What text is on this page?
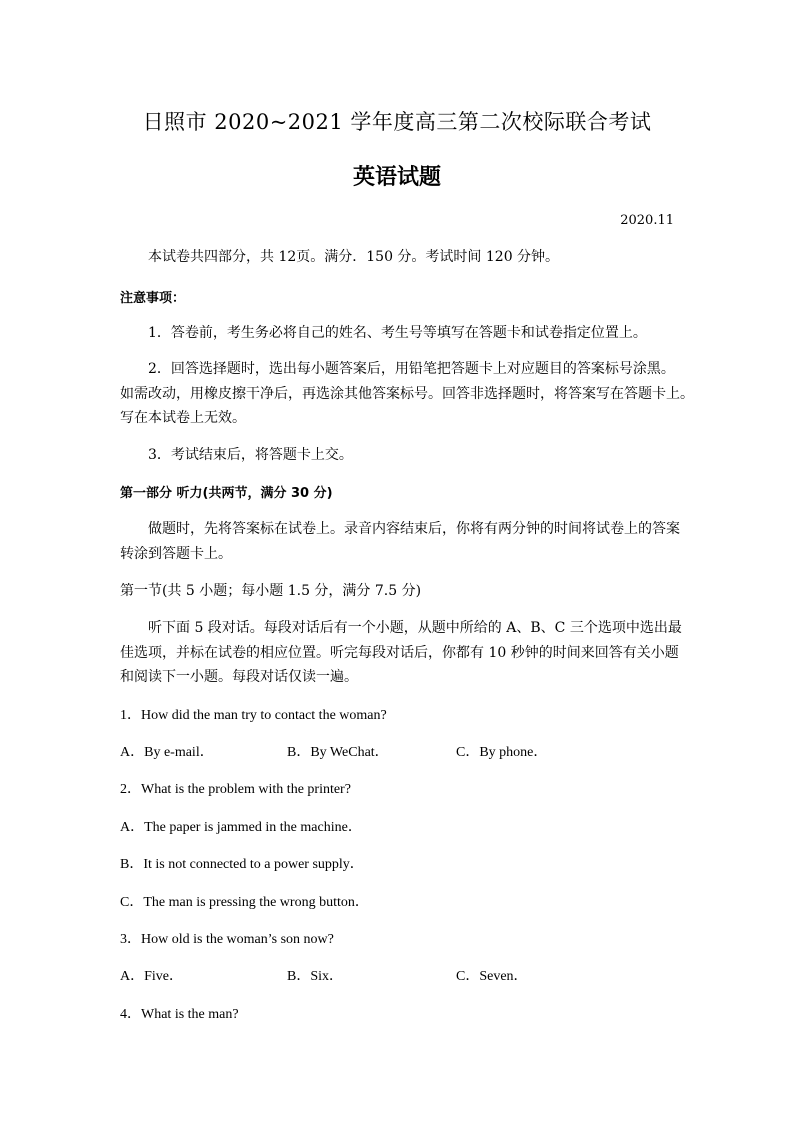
日照市 2020~2021 学年度高三第二次校际联合考试
英语试题
2020.11
本试卷共四部分，共 12页。满分．150 分。考试时间 120 分钟。
注意事项：
1．答卷前，考生务必将自己的姓名、考生号等填写在答题卡和试卷指定位置上。
2．回答选择题时，选出每小题答案后，用铅笔把答题卡上对应题目的答案标号涂黑。
如需改动，用橡皮擦干净后，再选涂其他答案标号。回答非选择题时，将答案写在答题卡上。
写在本试卷上无效。
3．考试结束后，将答题卡上交。
第一部分 听力(共两节，满分 30 分)
做题时，先将答案标在试卷上。录音内容结束后，你将有两分钟的时间将试卷上的答案
转涂到答题卡上。
第一节(共 5 小题；每小题 1.5 分，满分 7.5 分)
听下面 5 段对话。每段对话后有一个小题，从题中所给的 A、B、C 三个选项中选出最
佳选项，并标在试卷的相应位置。听完每段对话后，你都有 10 秒钟的时间来回答有关小题
和阅读下一小题。每段对话仅读一遍。
1．How did the man try to contact the woman?
A．By e-mail．	B．By WeChat．	C．By phone．
2．What is the problem with the printer?
A．The paper is jammed in the machine．
B．It is not connected to a power supply．
C．The man is pressing the wrong button．
3．How old is the woman’s son now?
A．Five．	B．Six．	C．Seven．
4．What is the man?
